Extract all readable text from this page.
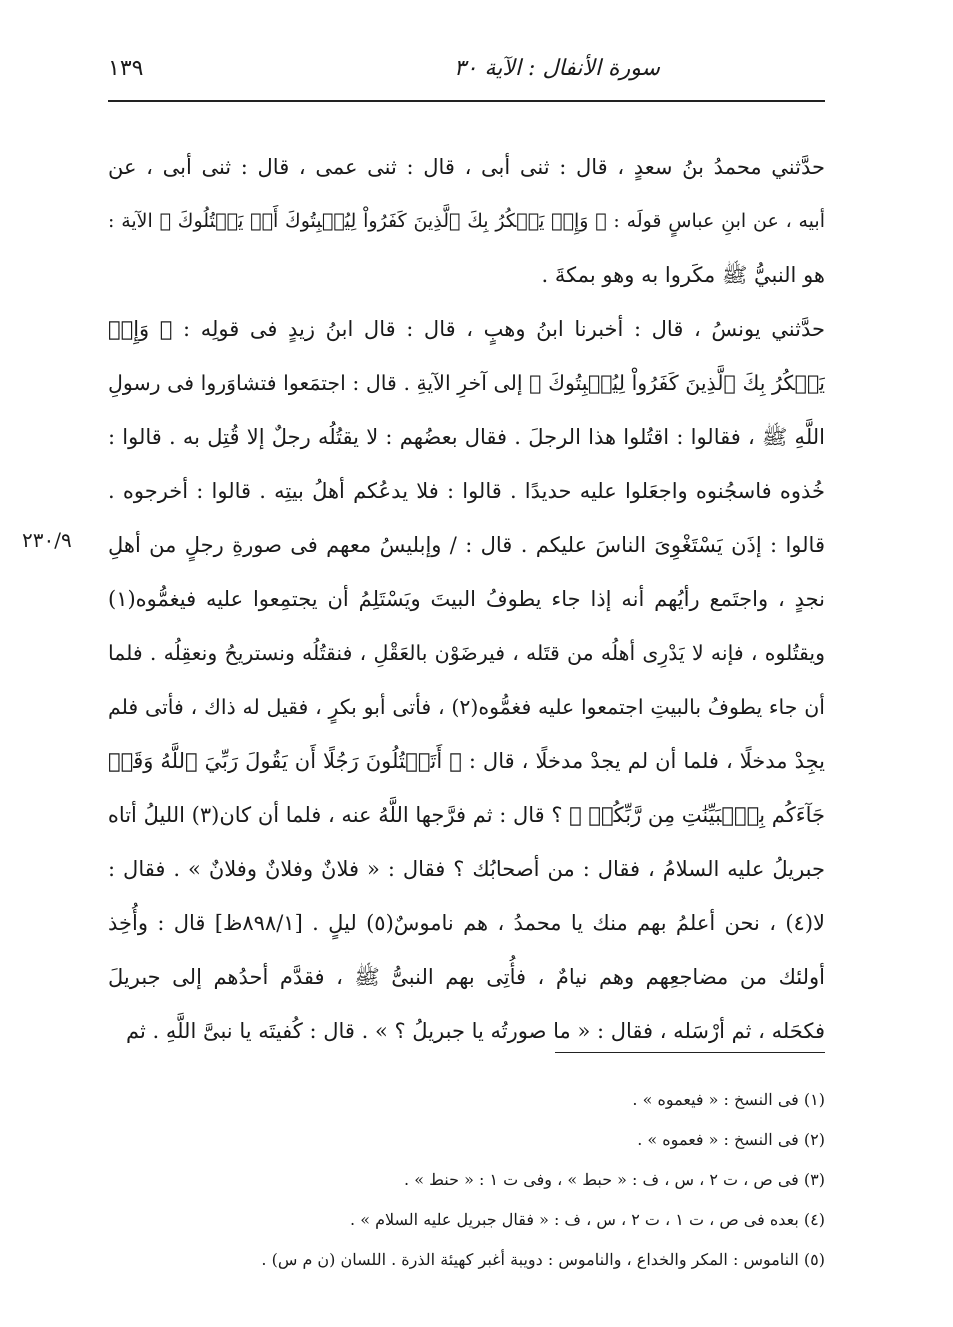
سورة الأنفال : الآية ٣٠
١٣٩
حدَّثني محمدُ بنُ سعدٍ ، قال : ثنى أبى ، قال : ثنى عمى ، قال : ثنى أبى ، عن
أبيه ، عن ابنِ عباسٍ قولَه : ﴿ وَإِذۡ يَمۡكُرُ بِكَ ٱلَّذِينَ كَفَرُواْ لِيُثۡبِتُوكَ أَوۡ يَقۡتُلُوكَ ﴾ الآية :
هو النبيُّ ﷺ مكَروا به وهو بمكةَ .
حدَّثني يونسُ ، قال : أخبرنا ابنُ وهبٍ ، قال : قال ابنُ زيدٍ فى قولِه : ﴿ وَإِذۡ
يَمۡكُرُ بِكَ ٱلَّذِينَ كَفَرُواْ لِيُثۡبِتُوكَ ﴾ إلى آخرِ الآيةِ . قال : اجتمَعوا فتشاوَروا فى رسولِ
اللَّهِ ﷺ ، فقالوا : اقتُلوا هذا الرجلَ . فقال بعضُهم : لا يقتُلُه رجلٌ إلا قُتِل به . قالوا :
خُذوه فاسجُنوه واجعَلوا عليه حديدًا . قالوا : فلا يدعُكم أهلُ بيتِه . قالوا : أخرجوه .
قالوا : إذَن يَسْتَغْوِىَ الناسَ عليكم . قال : / وإبليسُ معهم فى صورةِ رجلٍ من أهلِ
نجدٍ ، واجتَمع رأيُهم أنه إذا جاء يطوفُ البيتَ ويَسْتَلِمُ أن يجتمِعوا عليه فيغمُّوه(١)
ويقتُلوه ، فإنه لا يَدْرِى أهلُه من قتَله ، فيرضَوْن بالعَقْلِ ، فنقتُلُه ونستريحُ ونعقِلُه . فلما
أن جاء يطوفُ بالبيتِ اجتمعوا عليه فغمُّوه(٢) ، فأتى أبو بكرٍ ، فقيل له ذاك ، فأتى فلم
يجِدْ مدخلًا ، فلما أن لم يجدْ مدخلًا ، قال : ﴿ أَتَقۡتُلُونَ رَجُلًا أَن يَقُولَ رَبِّيَ ٱللَّهُ وَقَدۡ
جَآءَكُم بِٱلۡبَيِّنَٰتِ مِن رَّبِّكُمۡ ﴾ ؟ قال : ثم فرَّجها اللَّهُ عنه ، فلما أن كان(٣) الليلُ أتاه
جبريلُ عليه السلامُ ، فقال : من أصحابُك ؟ فقال : « فلانٌ وفلانٌ وفلانٌ » . فقال :
لا(٤) ، نحن أعلمُ بهم منك يا محمدُ ، هم ناموسٌ(٥) ليلٍ . [٨٩٨/١ظ] قال : وأُخِذ
أولئك من مضاجعِهم وهم نيامٌ ، فأُتِى بهم النبىُّ ﷺ ، فقدَّم أحدُهم إلى جبريلَ
فكحَله ، ثم أرْسَله ، فقال : « ما صورتُه يا جبريلُ ؟ » . قال : كُفيتَه يا نبىَّ اللَّهِ . ثم
٢٣٠/٩
(١) فى النسخ : « فيعموه » .
(٢) فى النسخ : « فعموه » .
(٣) فى ص ، ت ٢ ، س ، ف : « حبط » ، وفى ت ١ : « حنط » .
(٤) بعده فى ص ، ت ١ ، ت ٢ ، س ، ف : « فقال جبريل عليه السلام » .
(٥) الناموس : المكر والخداع ، والناموس : دويبة أغبر كهيئة الذرة . اللسان (ن م س) .
